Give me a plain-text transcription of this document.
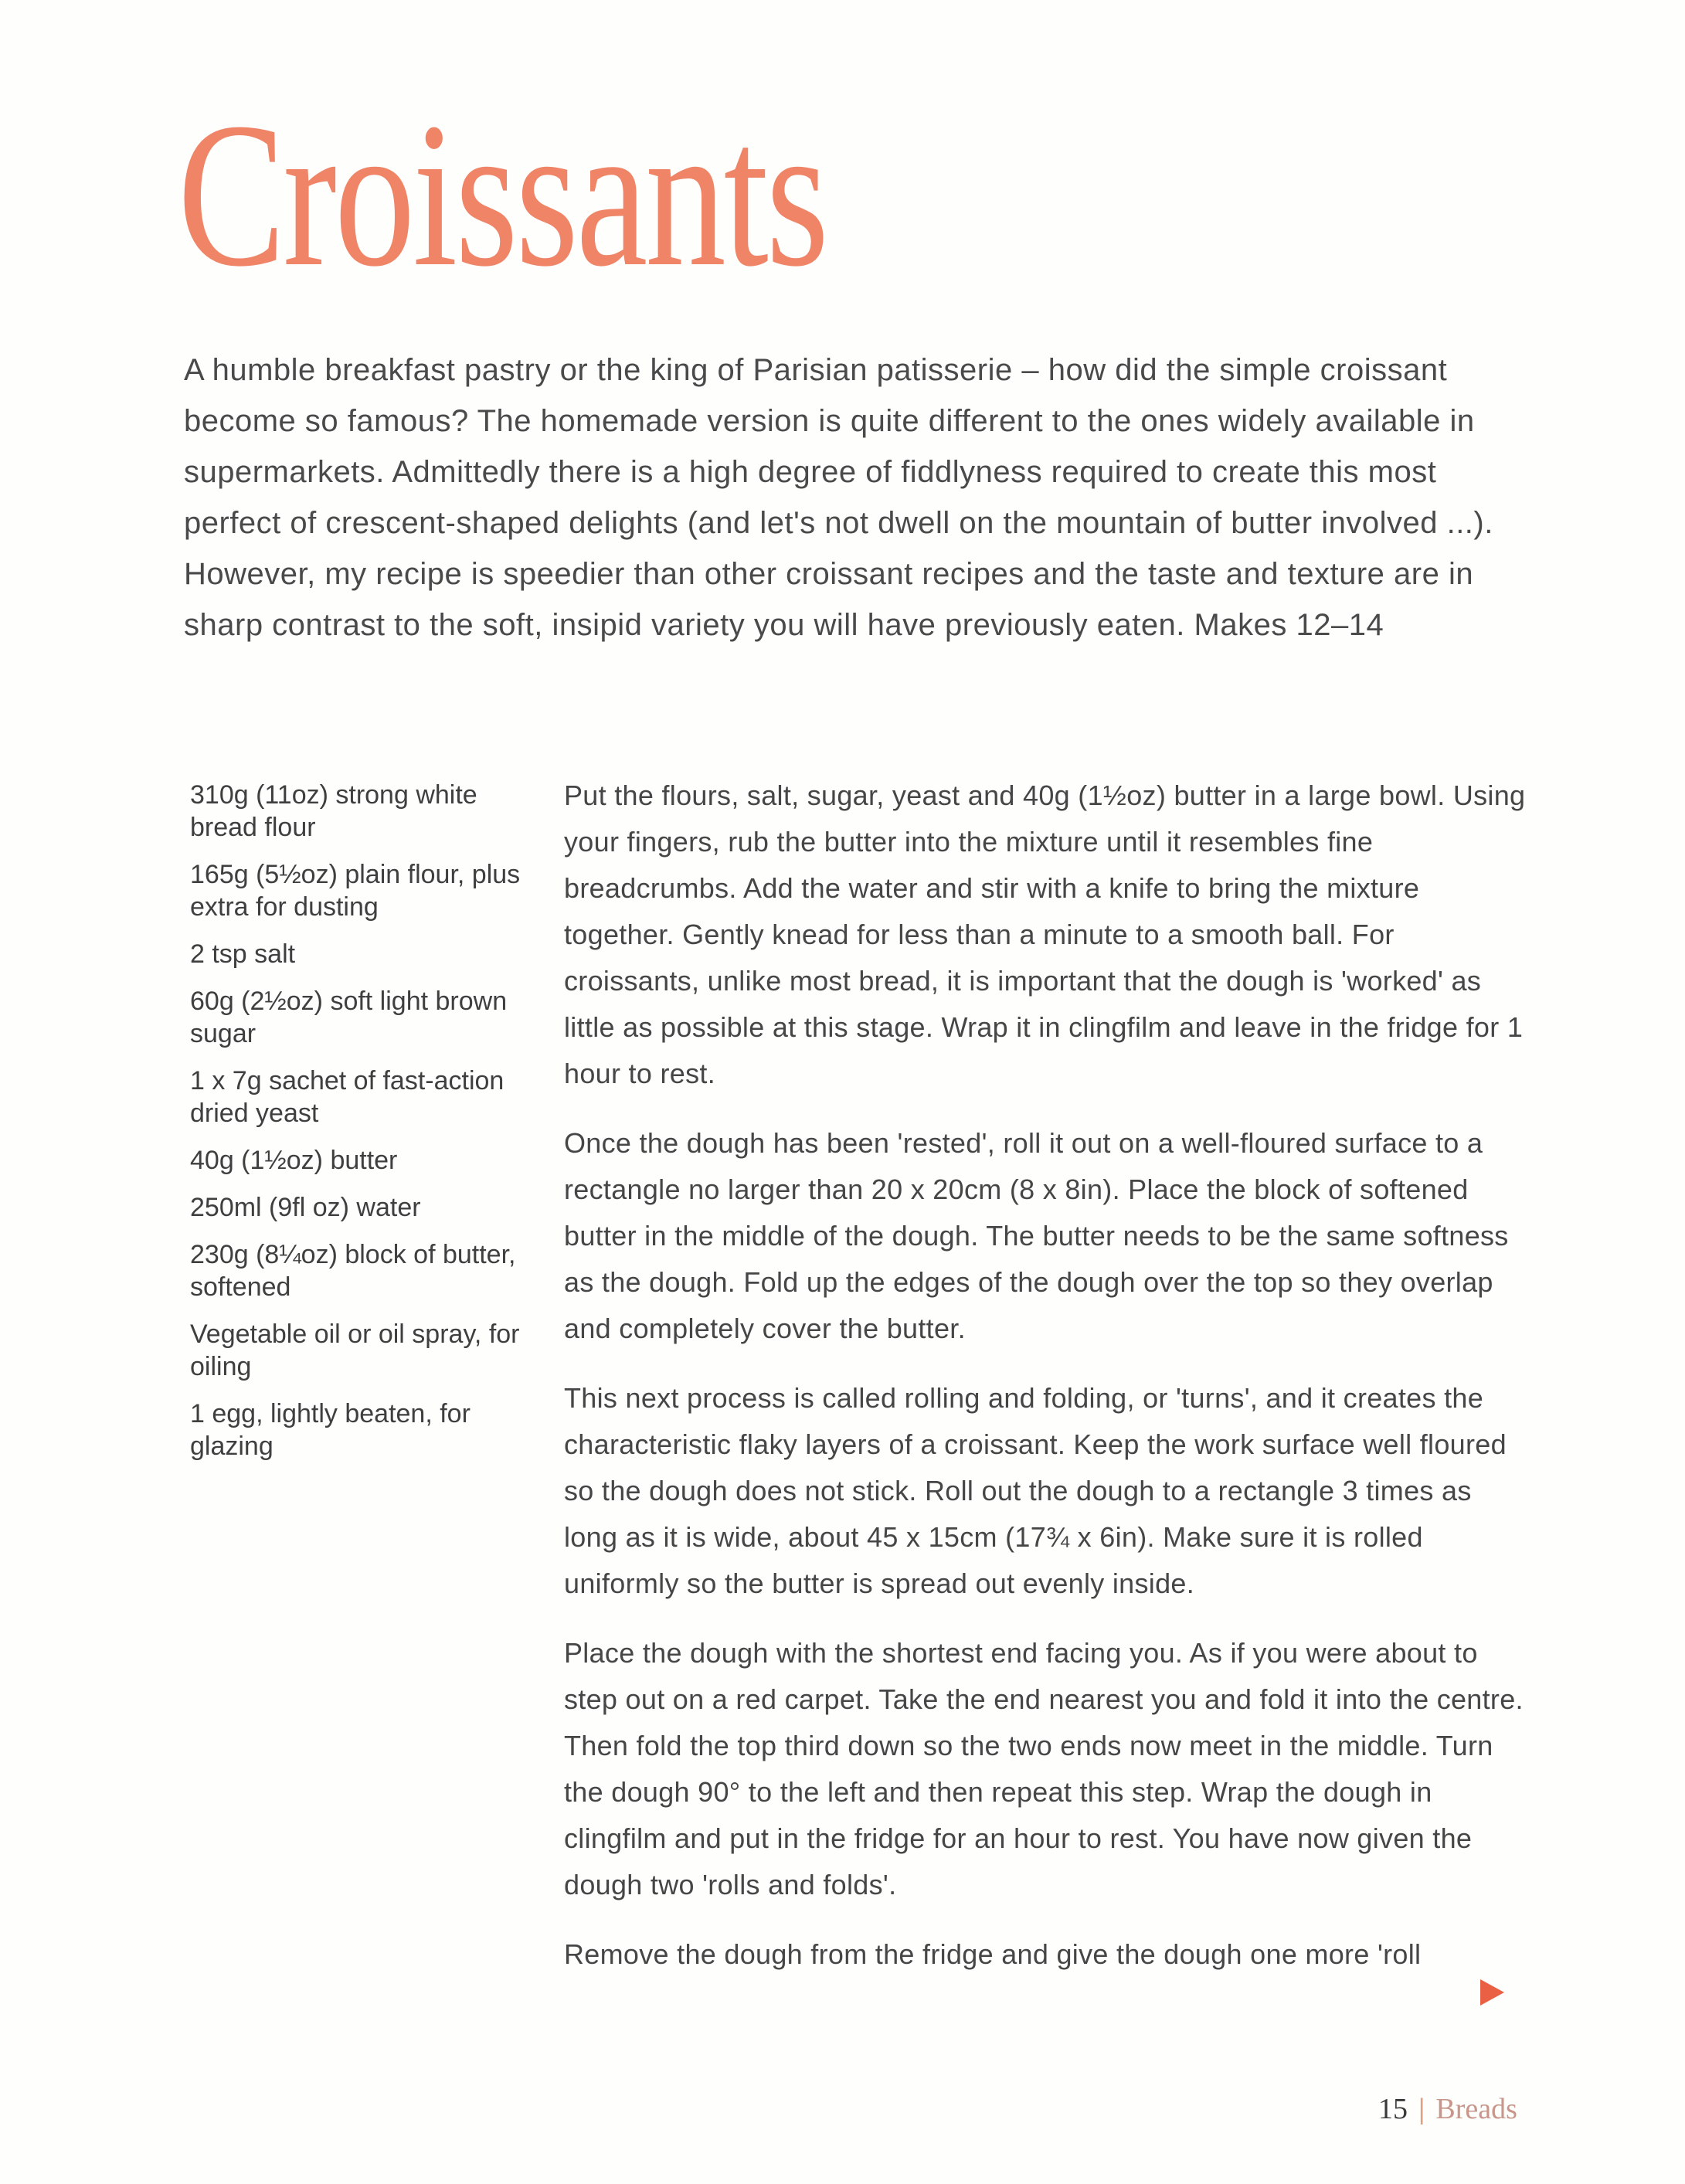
Croissants

A humble breakfast pastry or the king of Parisian patisserie – how did the simple croissant become so famous? The homemade version is quite different to the ones widely available in supermarkets. Admittedly there is a high degree of fiddlyness required to create this most perfect of crescent-shaped delights (and let's not dwell on the mountain of butter involved ...). However, my recipe is speedier than other croissant recipes and the taste and texture are in sharp contrast to the soft, insipid variety you will have previously eaten. Makes 12–14

310g (11oz) strong white bread flour

165g (5½oz) plain flour, plus extra for dusting

2 tsp salt

60g (2½oz) soft light brown sugar

1 x 7g sachet of fast-action dried yeast

40g (1½oz) butter

250ml (9fl oz) water

230g (8¼oz) block of butter, softened

Vegetable oil or oil spray, for oiling

1 egg, lightly beaten, for glazing

Put the flours, salt, sugar, yeast and 40g (1½oz) butter in a large bowl. Using your fingers, rub the butter into the mixture until it resembles fine breadcrumbs. Add the water and stir with a knife to bring the mixture together. Gently knead for less than a minute to a smooth ball. For croissants, unlike most bread, it is important that the dough is 'worked' as little as possible at this stage. Wrap it in clingfilm and leave in the fridge for 1 hour to rest.

Once the dough has been 'rested', roll it out on a well-floured surface to a rectangle no larger than 20 x 20cm (8 x 8in). Place the block of softened butter in the middle of the dough. The butter needs to be the same softness as the dough. Fold up the edges of the dough over the top so they overlap and completely cover the butter.

This next process is called rolling and folding, or 'turns', and it creates the characteristic flaky layers of a croissant. Keep the work surface well floured so the dough does not stick. Roll out the dough to a rectangle 3 times as long as it is wide, about 45 x 15cm (17¾ x 6in). Make sure it is rolled uniformly so the butter is spread out evenly inside.

Place the dough with the shortest end facing you. As if you were about to step out on a red carpet. Take the end nearest you and fold it into the centre. Then fold the top third down so the two ends now meet in the middle. Turn the dough 90° to the left and then repeat this step. Wrap the dough in clingfilm and put in the fridge for an hour to rest. You have now given the dough two 'rolls and folds'.

Remove the dough from the fridge and give the dough one more 'roll

15 | Breads
